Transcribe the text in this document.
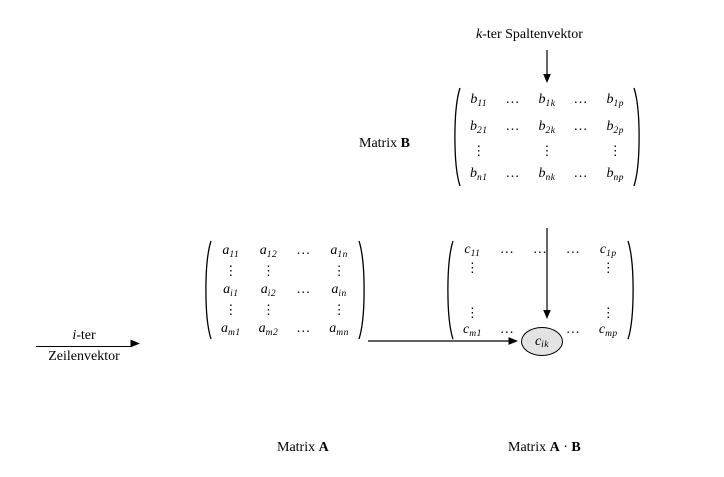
k-ter Spaltenvektor
Matrix B
$b_{11}$	…	$b_{1k}$	…	$b_{1p}$
$b_{21}$	…	$b_{2k}$	…	$b_{2p}$
⋮		⋮		⋮
$b_{n1}$	…	$b_{nk}$	…	$b_{np}$
i-ter
Zeilenvektor
$a_{11}$	$a_{12}$	…	$a_{1n}$
⋮	⋮		⋮
$a_{i1}$	$a_{i2}$	…	$a_{in}$
⋮	⋮		⋮
$a_{m1}$	$a_{m2}$	…	$a_{mn}$
Matrix A
$c_{11}$	…	…	…	$c_{1p}$
⋮				⋮

⋮				⋮
$c_{m1}$	…		…	$c_{mp}$
$c_{ik}$
Matrix A · B
